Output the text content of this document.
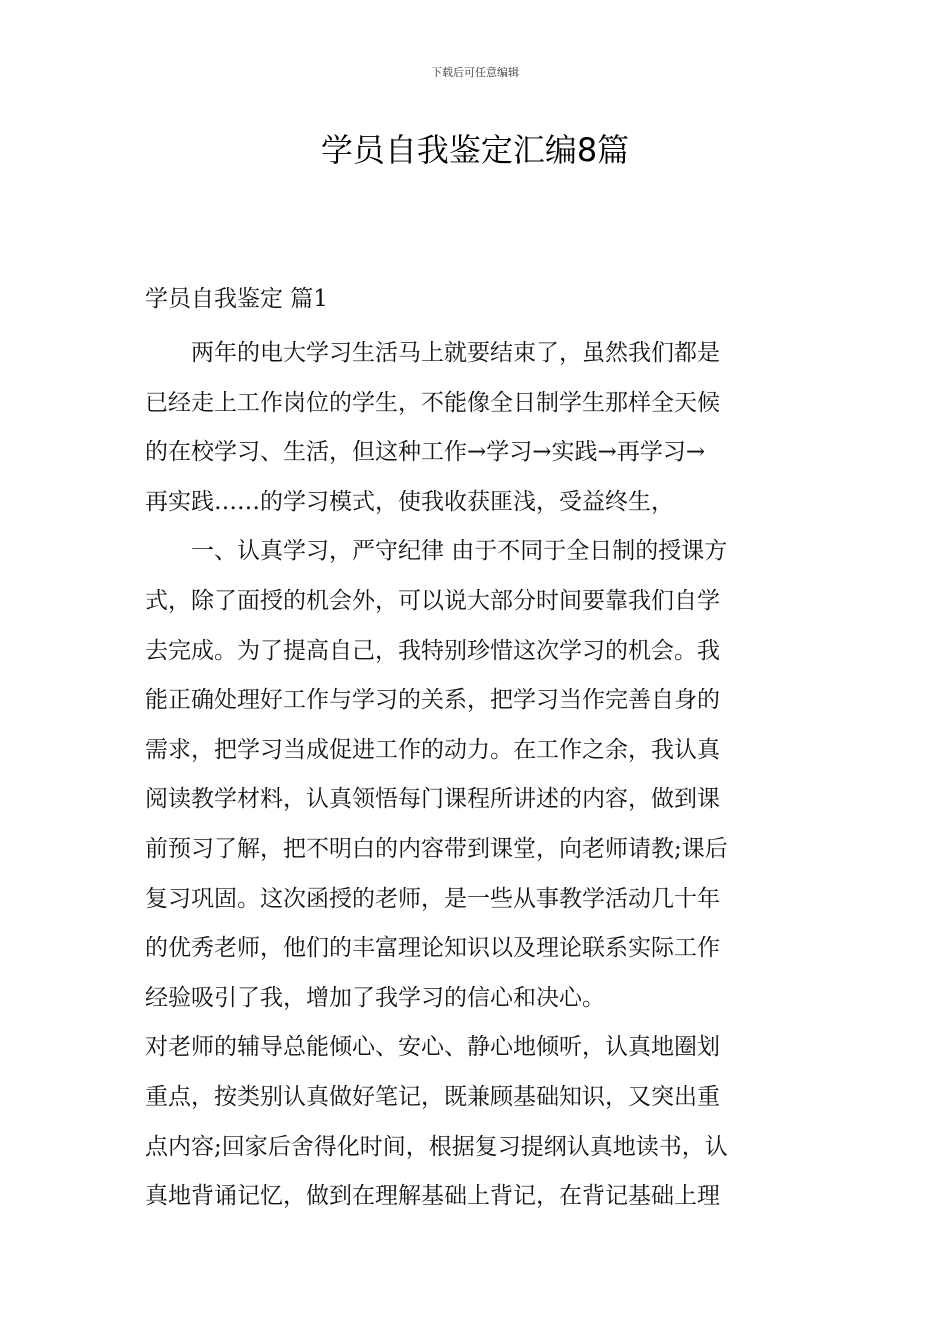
下载后可任意编辑
学员自我鉴定汇编8篇
学员自我鉴定 篇1
两年的电大学习生活马上就要结束了，虽然我们都是
已经走上工作岗位的学生，不能像全日制学生那样全天候
的在校学习、生活，但这种工作→学习→实践→再学习→
再实践……的学习模式，使我收获匪浅，受益终生，
一、认真学习，严守纪律 由于不同于全日制的授课方
式，除了面授的机会外，可以说大部分时间要靠我们自学
去完成。为了提高自己，我特别珍惜这次学习的机会。我
能正确处理好工作与学习的关系，把学习当作完善自身的
需求，把学习当成促进工作的动力。在工作之余，我认真
阅读教学材料，认真领悟每门课程所讲述的内容，做到课
前预习了解，把不明白的内容带到课堂，向老师请教;课后
复习巩固。这次函授的老师，是一些从事教学活动几十年
的优秀老师，他们的丰富理论知识以及理论联系实际工作
经验吸引了我，增加了我学习的信心和决心。
对老师的辅导总能倾心、安心、静心地倾听，认真地圈划
重点，按类别认真做好笔记，既兼顾基础知识，又突出重
点内容;回家后舍得化时间，根据复习提纲认真地读书，认
真地背诵记忆，做到在理解基础上背记，在背记基础上理
